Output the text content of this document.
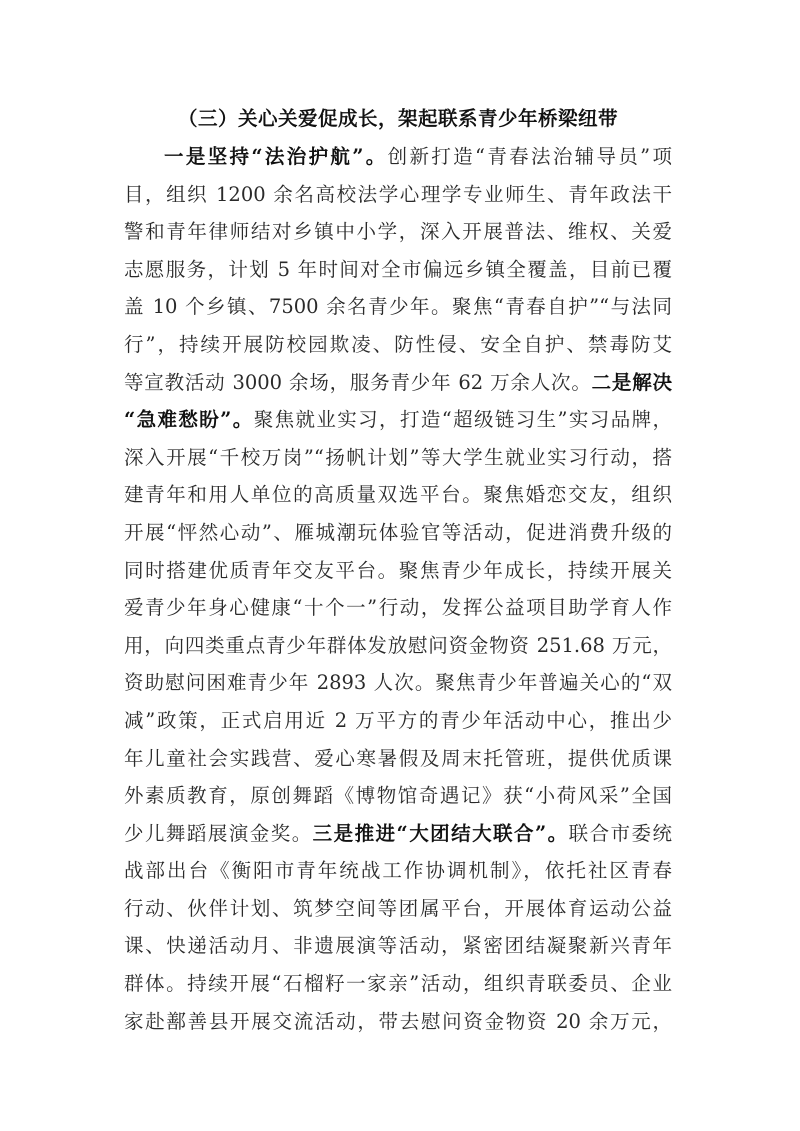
（三）关心关爱促成长，架起联系青少年桥梁纽带
一是坚持“法治护航”。创新打造“青春法治辅导员”项
目，组织 1200 余名高校法学心理学专业师生、青年政法干
警和青年律师结对乡镇中小学，深入开展普法、维权、关爱
志愿服务，计划 5 年时间对全市偏远乡镇全覆盖，目前已覆
盖 10 个乡镇、7500 余名青少年。聚焦“青春自护”“与法同
行”，持续开展防校园欺凌、防性侵、安全自护、禁毒防艾
等宣教活动 3000 余场，服务青少年 62 万余人次。二是解决
“急难愁盼”。聚焦就业实习，打造“超级链习生”实习品牌，
深入开展“千校万岗”“扬帆计划”等大学生就业实习行动，搭
建青年和用人单位的高质量双选平台。聚焦婚恋交友，组织
开展“怦然心动”、雁城潮玩体验官等活动，促进消费升级的
同时搭建优质青年交友平台。聚焦青少年成长，持续开展关
爱青少年身心健康“十个一”行动，发挥公益项目助学育人作
用，向四类重点青少年群体发放慰问资金物资 251.68 万元，
资助慰问困难青少年 2893 人次。聚焦青少年普遍关心的“双
减”政策，正式启用近 2 万平方的青少年活动中心，推出少
年儿童社会实践营、爱心寒暑假及周末托管班，提供优质课
外素质教育，原创舞蹈《博物馆奇遇记》获“小荷风采”全国
少儿舞蹈展演金奖。三是推进“大团结大联合”。联合市委统
战部出台《衡阳市青年统战工作协调机制》，依托社区青春
行动、伙伴计划、筑梦空间等团属平台，开展体育运动公益
课、快递活动月、非遗展演等活动，紧密团结凝聚新兴青年
群体。持续开展“石榴籽一家亲”活动，组织青联委员、企业
家赴鄯善县开展交流活动，带去慰问资金物资 20 余万元，
